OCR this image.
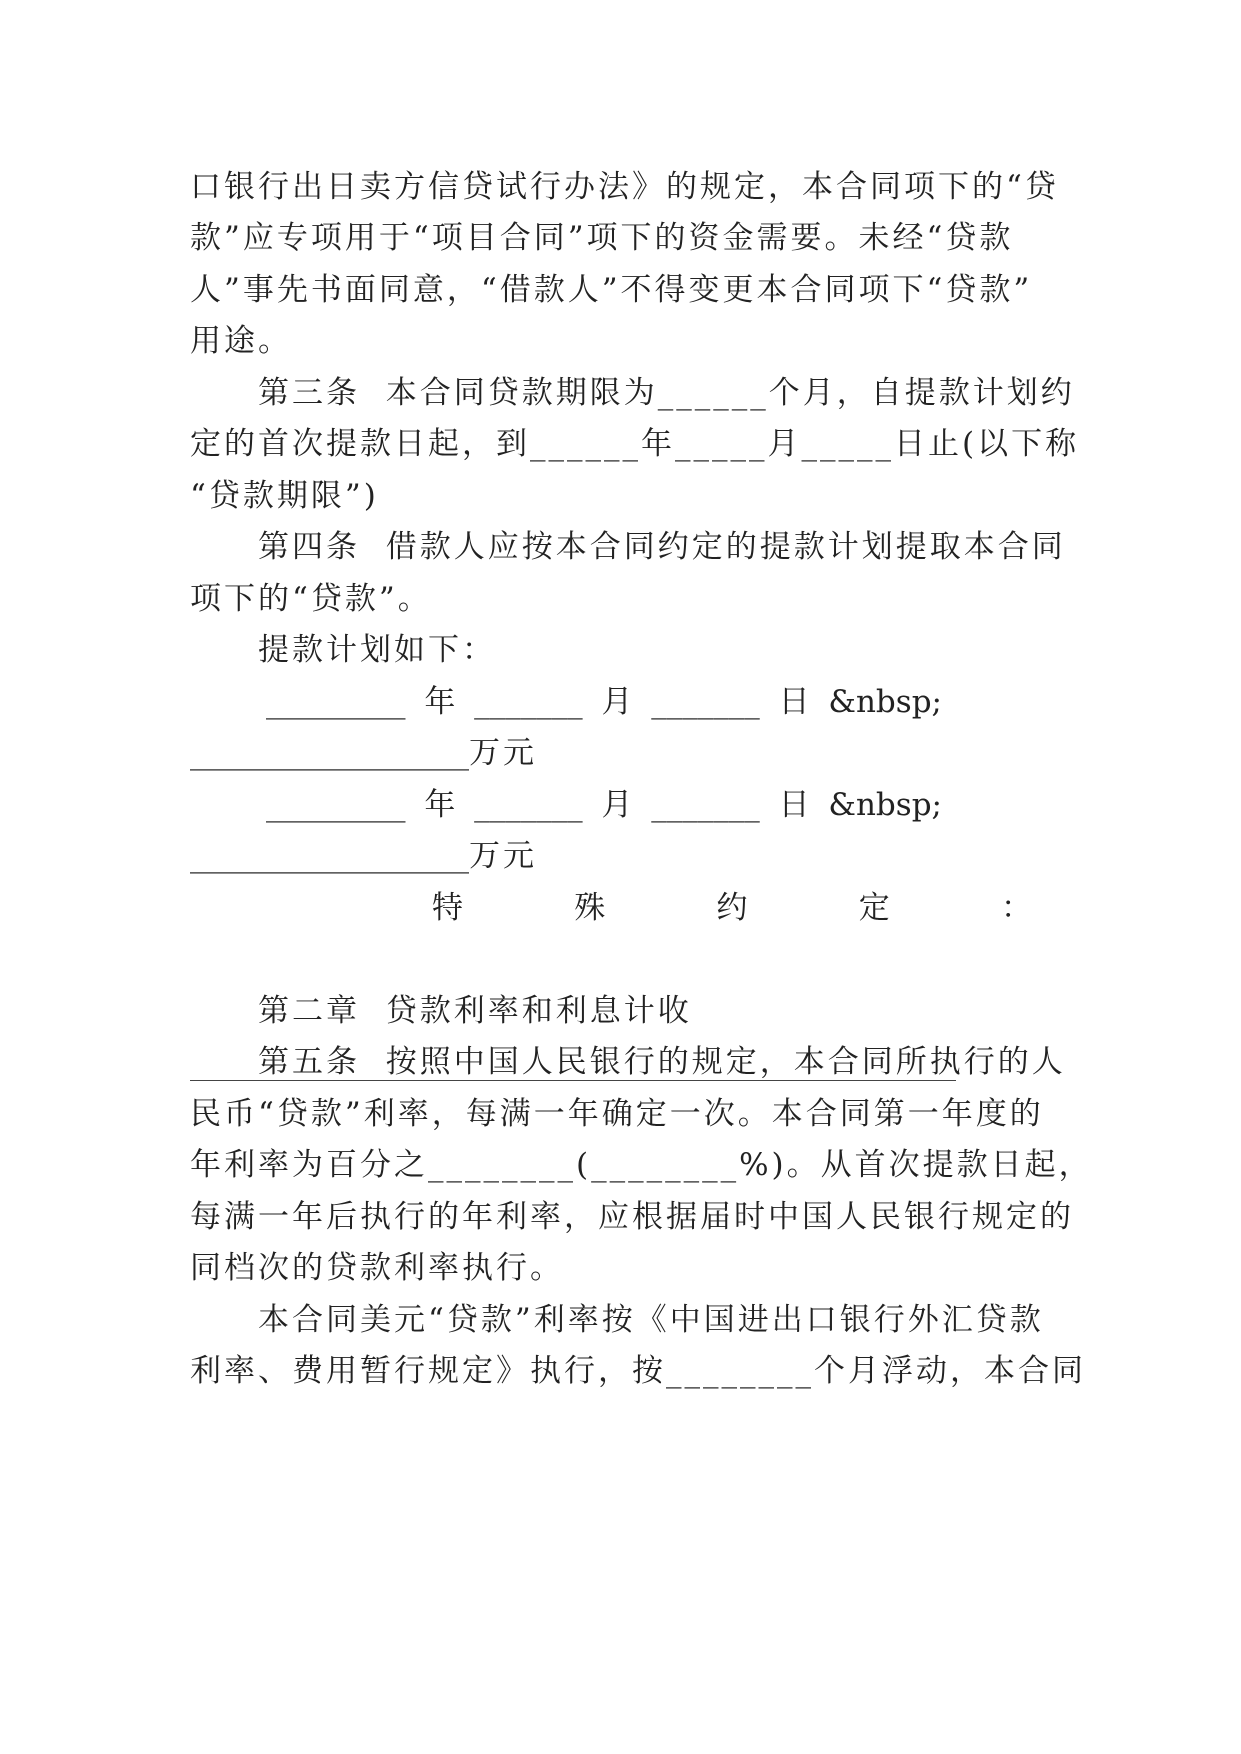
口银行出日卖方信贷试行办法》的规定，本合同项下的“贷
款”应专项用于“项目合同”项下的资金需要。未经“贷款
人”事先书面同意，“借款人”不得变更本合同项下“贷款”
用途。
第三条  本合同贷款期限为______个月，自提款计划约
定的首次提款日起，到______年_____月_____日止(以下称
“贷款期限”)
第四条  借款人应按本合同约定的提款计划提取本合同
项下的“贷款”。
提款计划如下：
_________ 年 _______ 月 _______ 日 &nbsp;
__________________万元
_________ 年 _______ 月 _______ 日 &nbsp;
__________________万元
特	殊	约	定	：
第二章  贷款利率和利息计收
第五条  按照中国人民银行的规定，本合同所执行的人
民币“贷款”利率，每满一年确定一次。本合同第一年度的
年利率为百分之________(________%)。从首次提款日起，
每满一年后执行的年利率，应根据届时中国人民银行规定的
同档次的贷款利率执行。
本合同美元“贷款”利率按《中国进出口银行外汇贷款
利率、费用暂行规定》执行，按________个月浮动，本合同
